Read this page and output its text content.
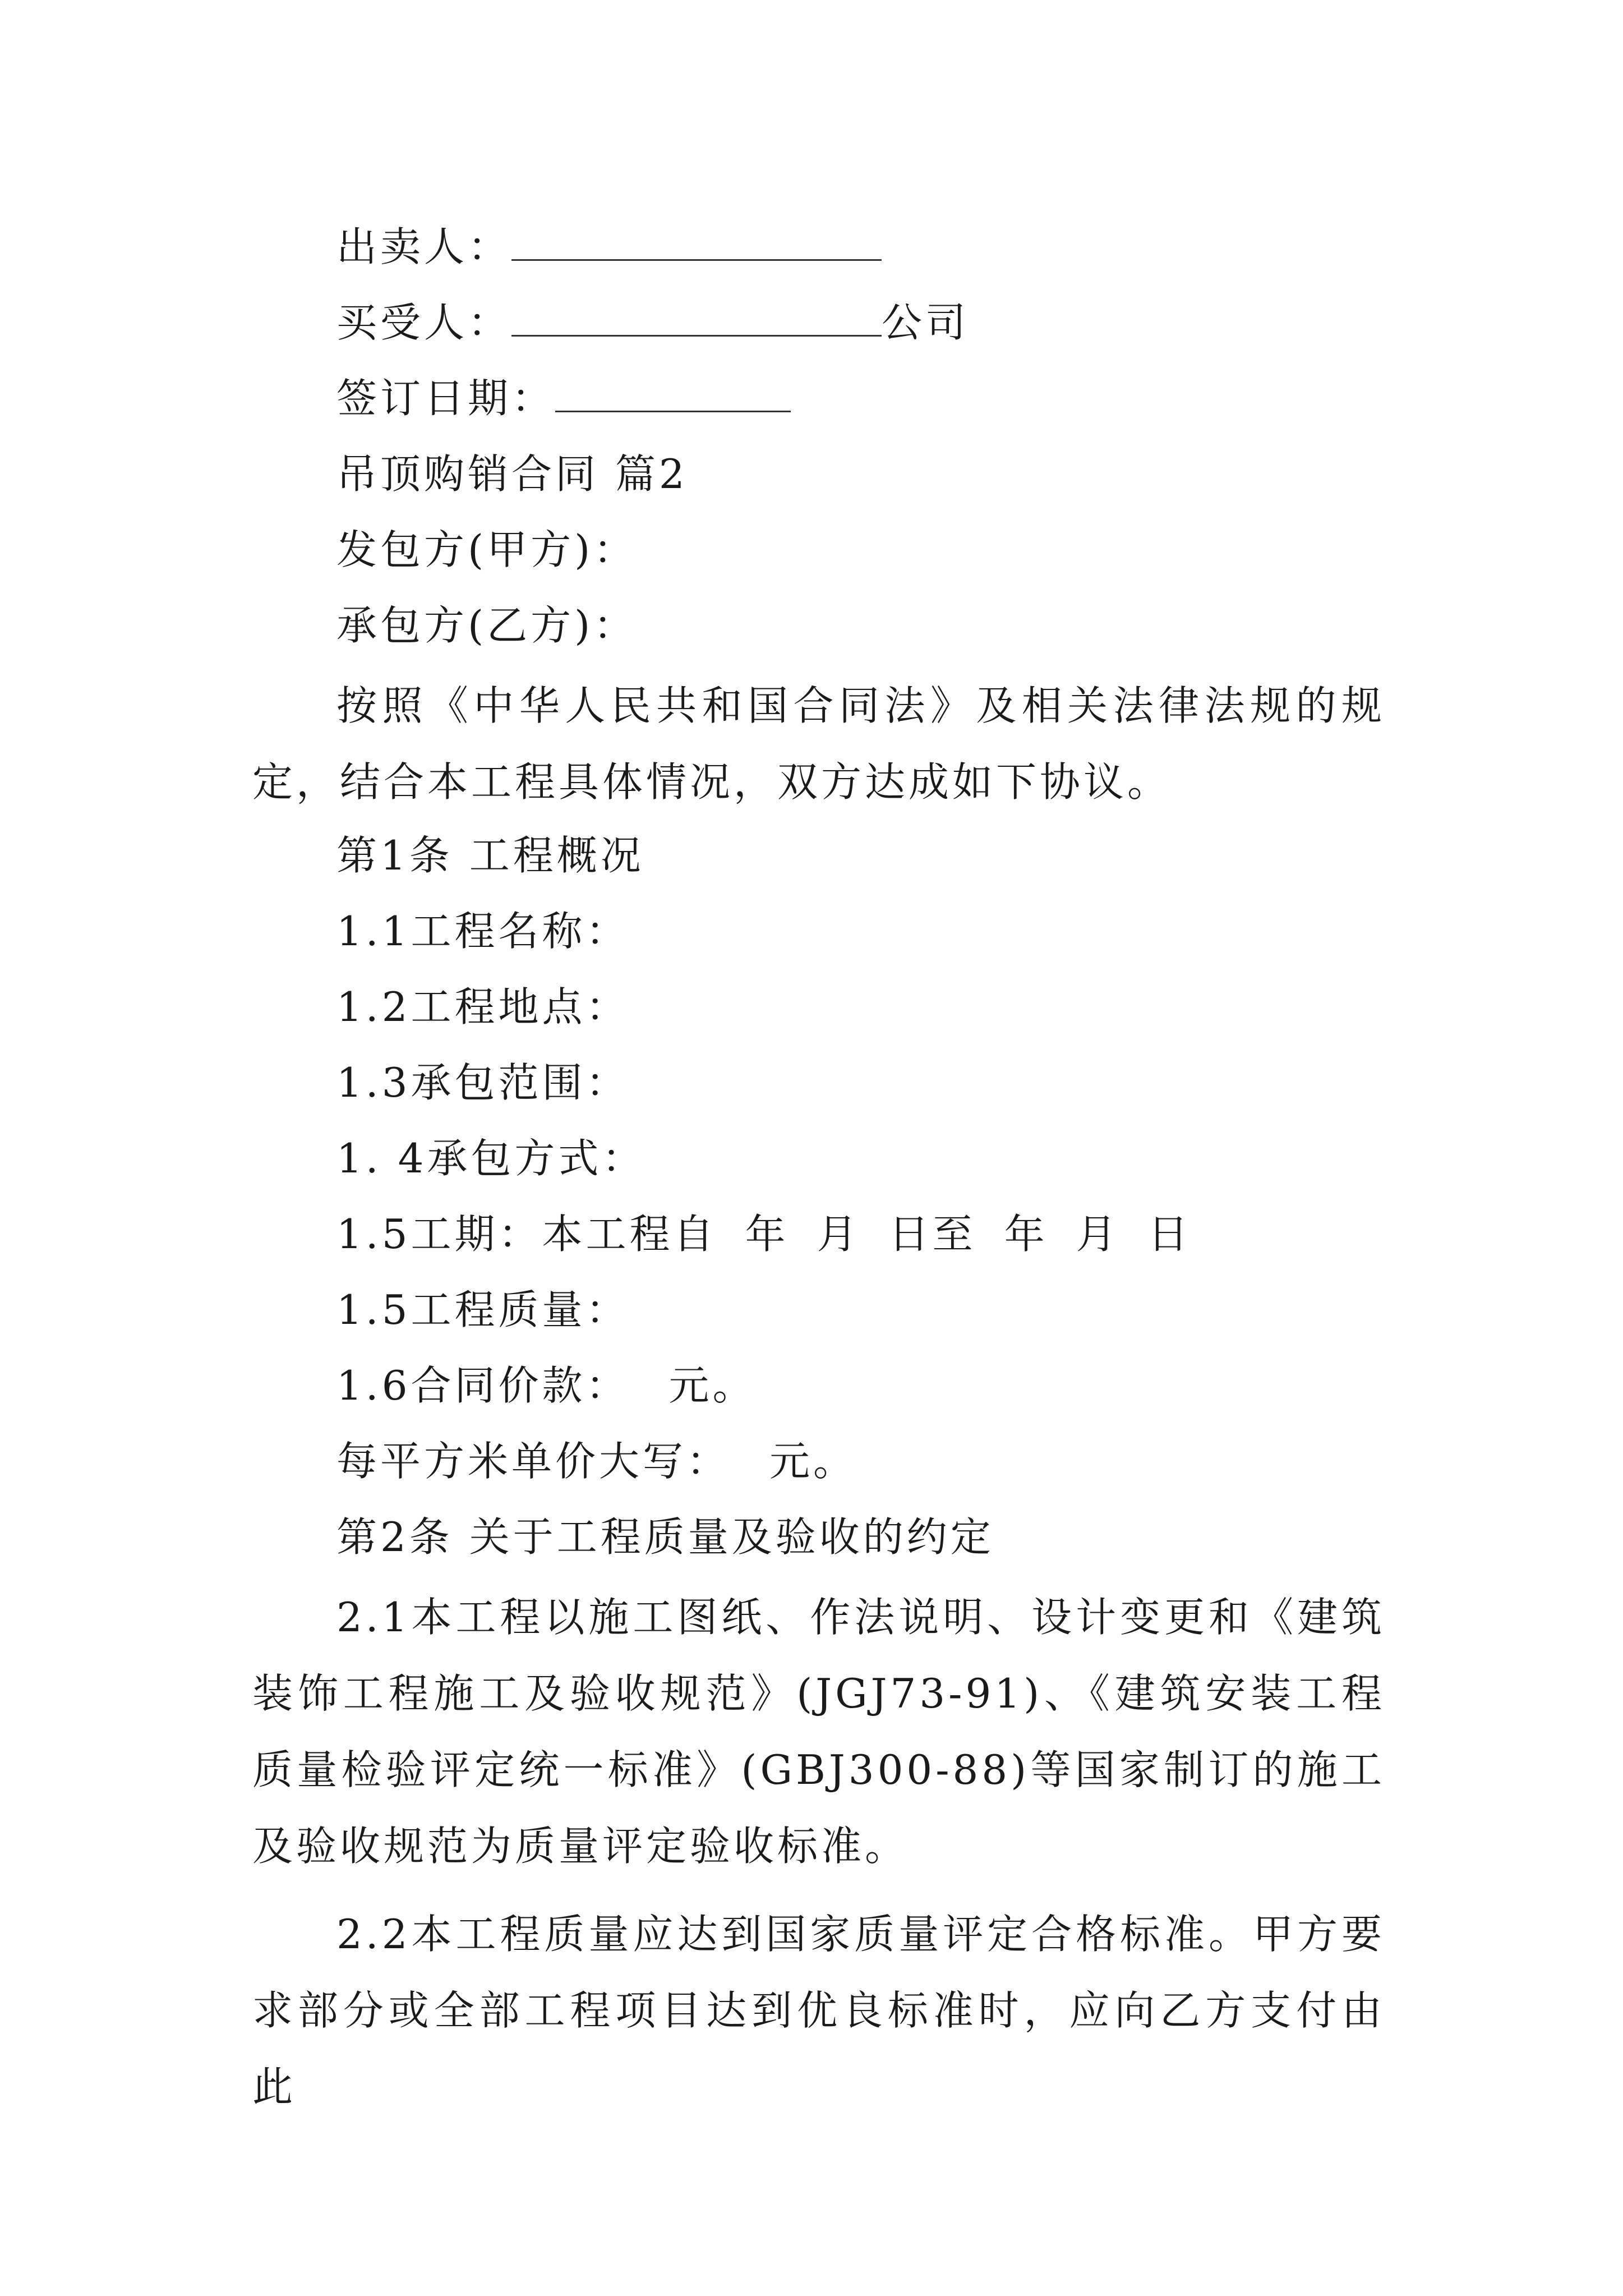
出卖人：
买受人：	公司
签订日期：
吊顶购销合同 篇2
发包方(甲方)：
承包方(乙方)：
按照《中华人民共和国合同法》及相关法律法规的规定，结合本工程具体情况，双方达成如下协议。
第1条 工程概况
1.1工程名称：
1.2工程地点：
1.3承包范围：
1. 4承包方式：
1.5工期：本工程自 年 月 日至 年 月 日
1.5工程质量：
1.6合同价款： 元。
每平方米单价大写： 元。
第2条 关于工程质量及验收的约定
2.1本工程以施工图纸、作法说明、设计变更和《建筑装饰工程施工及验收规范》(JGJ73-91)、《建筑安装工程质量检验评定统一标准》(GBJ300-88)等国家制订的施工及验收规范为质量评定验收标准。
2.2本工程质量应达到国家质量评定合格标准。甲方要求部分或全部工程项目达到优良标准时，应向乙方支付由此
